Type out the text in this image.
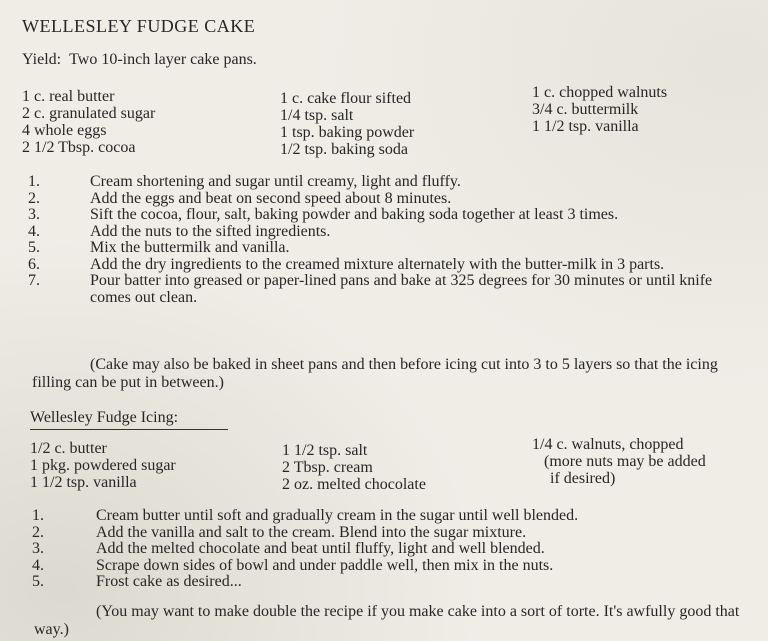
WELLESLEY FUDGE CAKE
Yield: Two 10-inch layer cake pans.
1 c. real butter
2 c. granulated sugar
4 whole eggs
2 1/2 Tbsp. cocoa
1 c. cake flour sifted
1/4 tsp. salt
1 tsp. baking powder
1/2 tsp. baking soda
1 c. chopped walnuts
3/4 c. buttermilk
1 1/2 tsp. vanilla
1.	Cream shortening and sugar until creamy, light and fluffy.
2.	Add the eggs and beat on second speed about 8 minutes.
3.	Sift the cocoa, flour, salt, baking powder and baking soda together at least 3 times.
4.	Add the nuts to the sifted ingredients.
5.	Mix the buttermilk and vanilla.
6.	Add the dry ingredients to the creamed mixture alternately with the butter-milk in 3 parts.
7.	Pour batter into greased or paper-lined pans and bake at 325 degrees for 30 minutes or until knife comes out clean.

(Cake may also be baked in sheet pans and then before icing cut into 3 to 5 layers so that the icing filling can be put in between.)

Wellesley Fudge Icing:
1/2 c. butter
1 pkg. powdered sugar
1 1/2 tsp. vanilla
1 1/2 tsp. salt
2 Tbsp. cream
2 oz. melted chocolate
1/4 c. walnuts, chopped
(more nuts may be added
if desired)
1.	Cream butter until soft and gradually cream in the sugar until well blended.
2.	Add the vanilla and salt to the cream. Blend into the sugar mixture.
3.	Add the melted chocolate and beat until fluffy, light and well blended.
4.	Scrape down sides of bowl and under paddle well, then mix in the nuts.
5.	Frost cake as desired...

(You may want to make double the recipe if you make cake into a sort of torte. It's awfully good that way.)
